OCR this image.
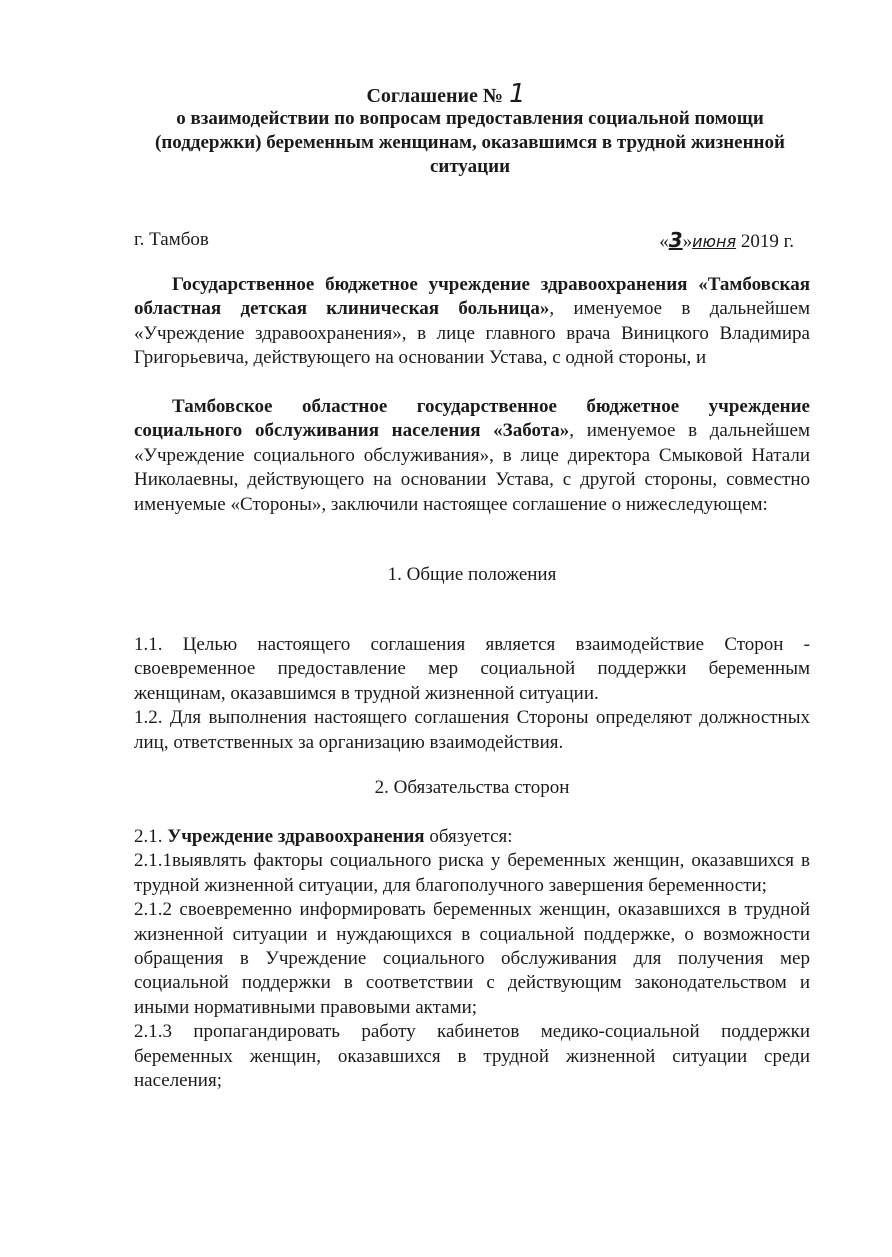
Соглашение № 1
о взаимодействии по вопросам предоставления социальной помощи (поддержки) беременным женщинам, оказавшимся в трудной жизненной ситуации
г. Тамбов	«3»июня 2019 г.
Государственное бюджетное учреждение здравоохранения «Тамбовская областная детская клиническая больница», именуемое в дальнейшем «Учреждение здравоохранения», в лице главного врача Виницкого Владимира Григорьевича, действующего на основании Устава, с одной стороны, и
Тамбовское областное государственное бюджетное учреждение социального обслуживания населения «Забота», именуемое в дальнейшем «Учреждение социального обслуживания», в лице директора Смыковой Натали Николаевны, действующего на основании Устава, с другой стороны, совместно именуемые «Стороны», заключили настоящее соглашение о нижеследующем:
1. Общие положения
1.1. Целью настоящего соглашения является взаимодействие Сторон - своевременное предоставление мер социальной поддержки беременным женщинам, оказавшимся в трудной жизненной ситуации.
1.2. Для выполнения настоящего соглашения Стороны определяют должностных лиц, ответственных за организацию взаимодействия.
2. Обязательства сторон
2.1. Учреждение здравоохранения обязуется:
2.1.1выявлять факторы социального риска у беременных женщин, оказавшихся в трудной жизненной ситуации, для благополучного завершения беременности;
2.1.2 своевременно информировать беременных женщин, оказавшихся в трудной жизненной ситуации и нуждающихся в социальной поддержке, о возможности обращения в Учреждение социального обслуживания для получения мер социальной поддержки в соответствии с действующим законодательством и иными нормативными правовыми актами;
2.1.3 пропагандировать работу кабинетов медико-социальной поддержки беременных женщин, оказавшихся в трудной жизненной ситуации среди населения;
